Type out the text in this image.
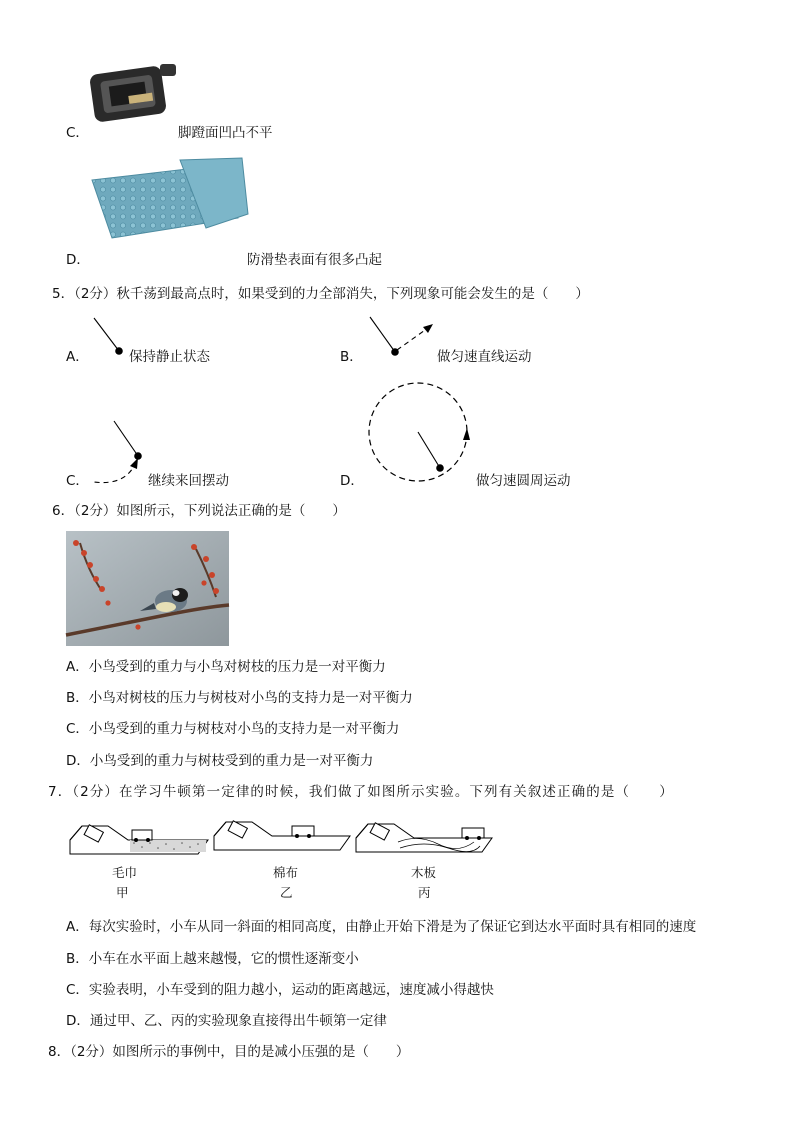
C．	脚蹬面凹凸不平
D．	防滑垫表面有很多凸起
5．（2分）秋千荡到最高点时，如果受到的力全部消失，下列现象可能会发生的是（　　）
A．	保持静止状态	B．	做匀速直线运动
C．	继续来回摆动	D．	做匀速圆周运动
6．（2分）如图所示，下列说法正确的是（　　）
A．小鸟受到的重力与小鸟对树枝的压力是一对平衡力
B．小鸟对树枝的压力与树枝对小鸟的支持力是一对平衡力
C．小鸟受到的重力与树枝对小鸟的支持力是一对平衡力
D．小鸟受到的重力与树枝受到的重力是一对平衡力
7．（2分）在学习牛顿第一定律的时候，我们做了如图所示实验。下列有关叙述正确的是（　　）
毛巾
甲
棉布
乙
木板
丙
A．每次实验时，小车从同一斜面的相同高度，由静止开始下滑是为了保证它到达水平面时具有相同的速度
B．小车在水平面上越来越慢，它的惯性逐渐变小
C．实验表明，小车受到的阻力越小，运动的距离越远，速度减小得越快
D．通过甲、乙、丙的实验现象直接得出牛顿第一定律
8．（2分）如图所示的事例中，目的是减小压强的是（　　）
